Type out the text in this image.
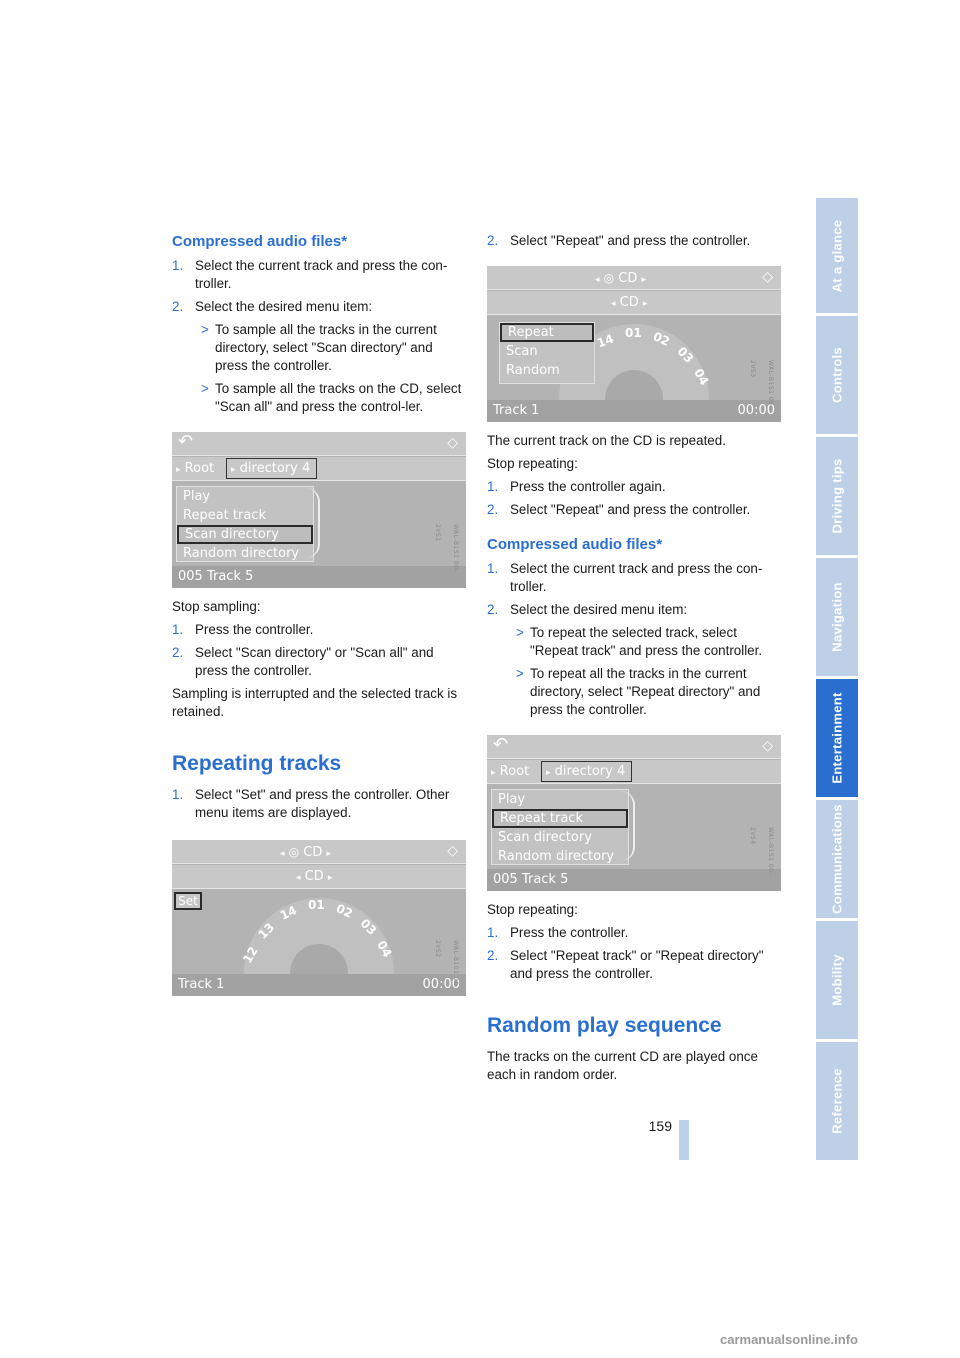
Compressed audio files*
1. Select the current track and press the con-troller.
2. Select the desired menu item:
> To sample all the tracks in the current directory, select "Scan directory" and press the controller.
> To sample all the tracks on the CD, select "Scan all" and press the control-ler.
↶	◇
▸ Root	▸ directory 4
Play
Repeat track
Scan directory
Random directory
005 Track 5
WAL-B1S1 00-2VS1

Stop sampling:

1. Press the controller.
2. Select "Scan directory" or "Scan all" and press the controller.

Sampling is interrupted and the selected track is retained.

Repeating tracks
1. Select "Set" and press the controller. Other menu items are displayed.
◂ ◎ CD ▸	◇
◂ CD ▸
Set
12
13
14 01 02
03
04
Track 1	00:00
WAL-B101 00-2VS2
2. Select "Repeat" and press the controller.
◂ ◎ CD ▸	◇
◂ CD ▸
Repeat
Scan
Random
14 01 02
03
04
Track 1	00:00
WAL-B1S1 00-2VS3

The current track on the CD is repeated.

Stop repeating:

1. Press the controller again.
2. Select "Repeat" and press the controller.
Compressed audio files*
1. Select the current track and press the con-troller.
2. Select the desired menu item:
> To repeat the selected track, select "Repeat track" and press the controller.
> To repeat all the tracks in the current directory, select "Repeat directory" and press the controller.
↶	◇
▸ Root	▸ directory 4
Play
Repeat track
Scan directory
Random directory
005 Track 5
WAL-B1S1 00-2VS4

Stop repeating:

1. Press the controller.
2. Select "Repeat track" or "Repeat directory" and press the controller.
Random play sequence

The tracks on the current CD are played once each in random order.

At a glance
Controls
Driving tips
Navigation
Entertainment
Communications
Mobility
Reference
159
carmanualsonline.info
